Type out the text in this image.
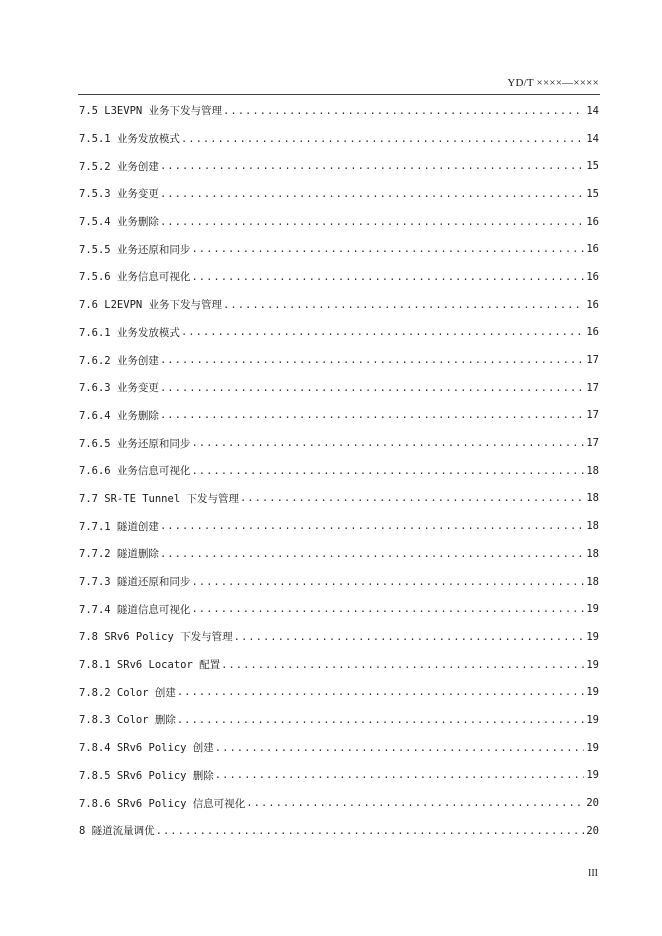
YD/T ××××—××××
7.5 L3EVPN 业务下发与管理 .....	14
7.5.1 业务发放模式 .....	14
7.5.2 业务创建 .....	15
7.5.3 业务变更 .....	15
7.5.4 业务删除 .....	16
7.5.5 业务还原和同步 .....	16
7.5.6 业务信息可视化 .....	16
7.6 L2EVPN 业务下发与管理 .....	16
7.6.1 业务发放模式 .....	16
7.6.2 业务创建 .....	17
7.6.3 业务变更 .....	17
7.6.4 业务删除 .....	17
7.6.5 业务还原和同步 .....	17
7.6.6 业务信息可视化 .....	18
7.7 SR-TE Tunnel 下发与管理 .....	18
7.7.1 隧道创建 .....	18
7.7.2 隧道删除 .....	18
7.7.3 隧道还原和同步 .....	18
7.7.4 隧道信息可视化 .....	19
7.8 SRv6 Policy 下发与管理 .....	19
7.8.1 SRv6 Locator 配置 .....	19
7.8.2 Color 创建 .....	19
7.8.3 Color 删除 .....	19
7.8.4 SRv6 Policy 创建 .....	19
7.8.5 SRv6 Policy 删除 .....	19
7.8.6 SRv6 Policy 信息可视化 .....	20
8 隧道流量调优 .....	20
III
